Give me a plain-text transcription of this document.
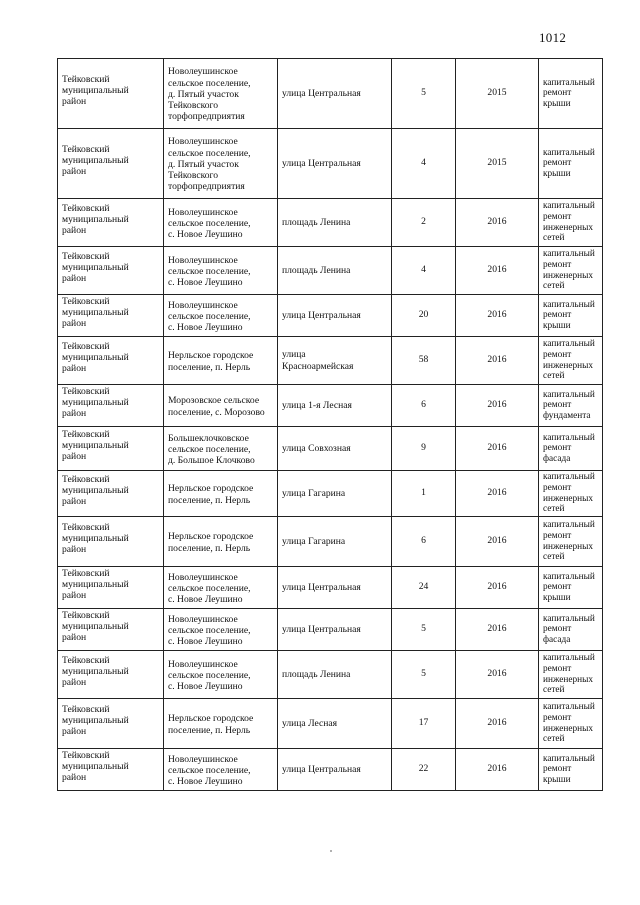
1012
Тейковский
муниципальный
район	Новолеушинское
сельское поселение,
д. Пятый участок
Тейковского
торфопредприятия	улица Центральная	5	2015	капитальный
ремонт крыши

Тейковский
муниципальный
район	Новолеушинское
сельское поселение,
д. Пятый участок
Тейковского
торфопредприятия	улица Центральная	4	2015	капитальный
ремонт крыши

Тейковский
муниципальный
район	Новолеушинское
сельское поселение,
с. Новое Леушино	площадь Ленина	2	2016	капитальный
ремонт
инженерных
сетей

Тейковский
муниципальный
район	Новолеушинское
сельское поселение,
с. Новое Леушино	площадь Ленина	4	2016	капитальный
ремонт
инженерных
сетей

Тейковский
муниципальный
район	Новолеушинское
сельское поселение,
с. Новое Леушино	улица Центральная	20	2016	капитальный
ремонт крыши

Тейковский
муниципальный
район	Нерльское городское
поселение, п. Нерль	улица
Красноармейская	58	2016	капитальный
ремонт
инженерных
сетей

Тейковский
муниципальный
район	Морозовское сельское
поселение, с. Морозово	улица 1-я Лесная	6	2016	капитальный
ремонт
фундамента

Тейковский
муниципальный
район	Большеклочковское
сельское поселение,
д. Большое Клочково	улица Совхозная	9	2016	капитальный
ремонт фасада

Тейковский
муниципальный
район	Нерльское городское
поселение, п. Нерль	улица Гагарина	1	2016	капитальный
ремонт
инженерных
сетей

Тейковский
муниципальный
район	Нерльское городское
поселение, п. Нерль	улица Гагарина	6	2016	капитальный
ремонт
инженерных
сетей

Тейковский
муниципальный
район	Новолеушинское
сельское поселение,
с. Новое Леушино	улица Центральная	24	2016	капитальный
ремонт крыши

Тейковский
муниципальный
район	Новолеушинское
сельское поселение,
с. Новое Леушино	улица Центральная	5	2016	капитальный
ремонт фасада

Тейковский
муниципальный
район	Новолеушинское
сельское поселение,
с. Новое Леушино	площадь Ленина	5	2016	капитальный
ремонт
инженерных
сетей

Тейковский
муниципальный
район	Нерльское городское
поселение, п. Нерль	улица Лесная	17	2016	капитальный
ремонт
инженерных
сетей

Тейковский
муниципальный
район	Новолеушинское
сельское поселение,
с. Новое Леушино	улица Центральная	22	2016	капитальный
ремонт крыши
